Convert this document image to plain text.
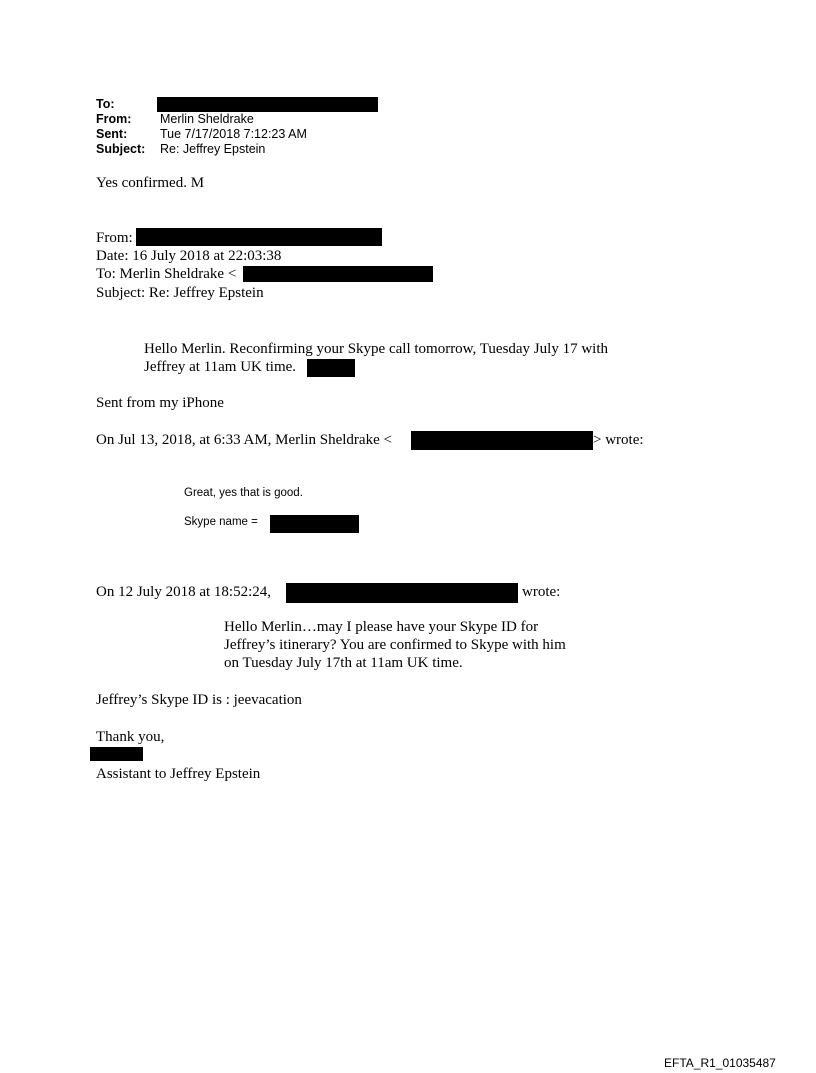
To:
From: Merlin Sheldrake
Sent:	Tue 7/17/2018 7:12:23 AM
Subject: Re: Jeffrey Epstein
Yes confirmed. M
From:
Date: 16 July 2018 at 22:03:38
To: Merlin Sheldrake <
Subject: Re: Jeffrey Epstein
Hello Merlin. Reconfirming your Skype call tomorrow, Tuesday July 17 with
Jeffrey at 11am UK time.
Sent from my iPhone
On Jul 13, 2018, at 6:33 AM, Merlin Sheldrake <	> wrote:
Great, yes that is good.
Skype name =
On 12 July 2018 at 18:52:24,	wrote:
Hello Merlin…may I please have your Skype ID for
Jeffrey’s itinerary? You are confirmed to Skype with him
on Tuesday July 17th at 11am UK time.
Jeffrey’s Skype ID is : jeevacation
Thank you,
Assistant to Jeffrey Epstein
EFTA_R1_01035487
